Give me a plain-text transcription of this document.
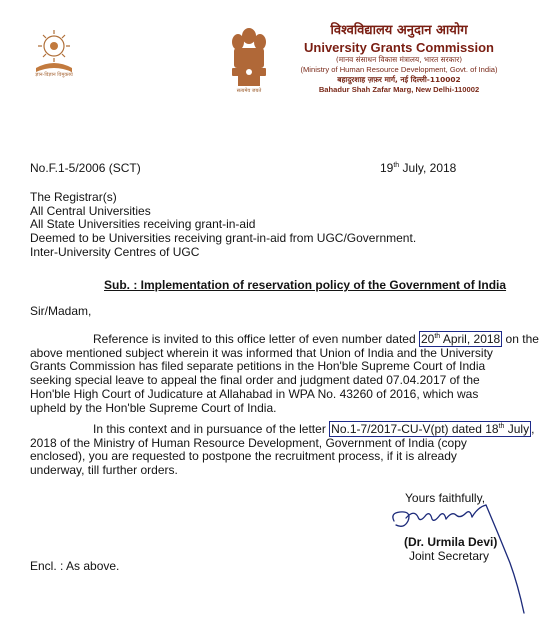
ज्ञान-विज्ञान विमुक्तये
सत्यमेव जयते
विश्वविद्यालय अनुदान आयोग
University Grants Commission
(मानव संसाधन विकास मंत्रालय, भारत सरकार)
(Ministry of Human Resource Development, Govt. of India)
बहादुरशाह ज़फ़र मार्ग, नई दिल्ली-110002
Bahadur Shah Zafar Marg, New Delhi-110002
No.F.1-5/2006 (SCT)	19th July, 2018
The Registrar(s)
All Central Universities
All State Universities receiving grant-in-aid
Deemed to be Universities receiving grant-in-aid from UGC/Government.
Inter-University Centres of UGC
Sub. : Implementation of reservation policy of the Government of India
Sir/Madam,
Reference is invited to this office letter of even number dated 20th April, 2018 on the
above mentioned subject wherein it was informed that Union of India and the University
Grants Commission has filed separate petitions in the Hon'ble Supreme Court of India
seeking special leave to appeal the final order and judgment dated 07.04.2017 of the
Hon'ble High Court of Judicature at Allahabad in WPA No. 43260 of 2016, which was
upheld by the Hon'ble Supreme Court of India.
In this context and in pursuance of the letter No.1-7/2017-CU-V(pt) dated 18th July ,
2018 of the Ministry of Human Resource Development, Government of India (copy
enclosed), you are requested to postpone the recruitment process, if it is already
underway, till further orders.
Yours faithfully,
(Dr. Urmila Devi)
Joint Secretary
Encl. : As above.
